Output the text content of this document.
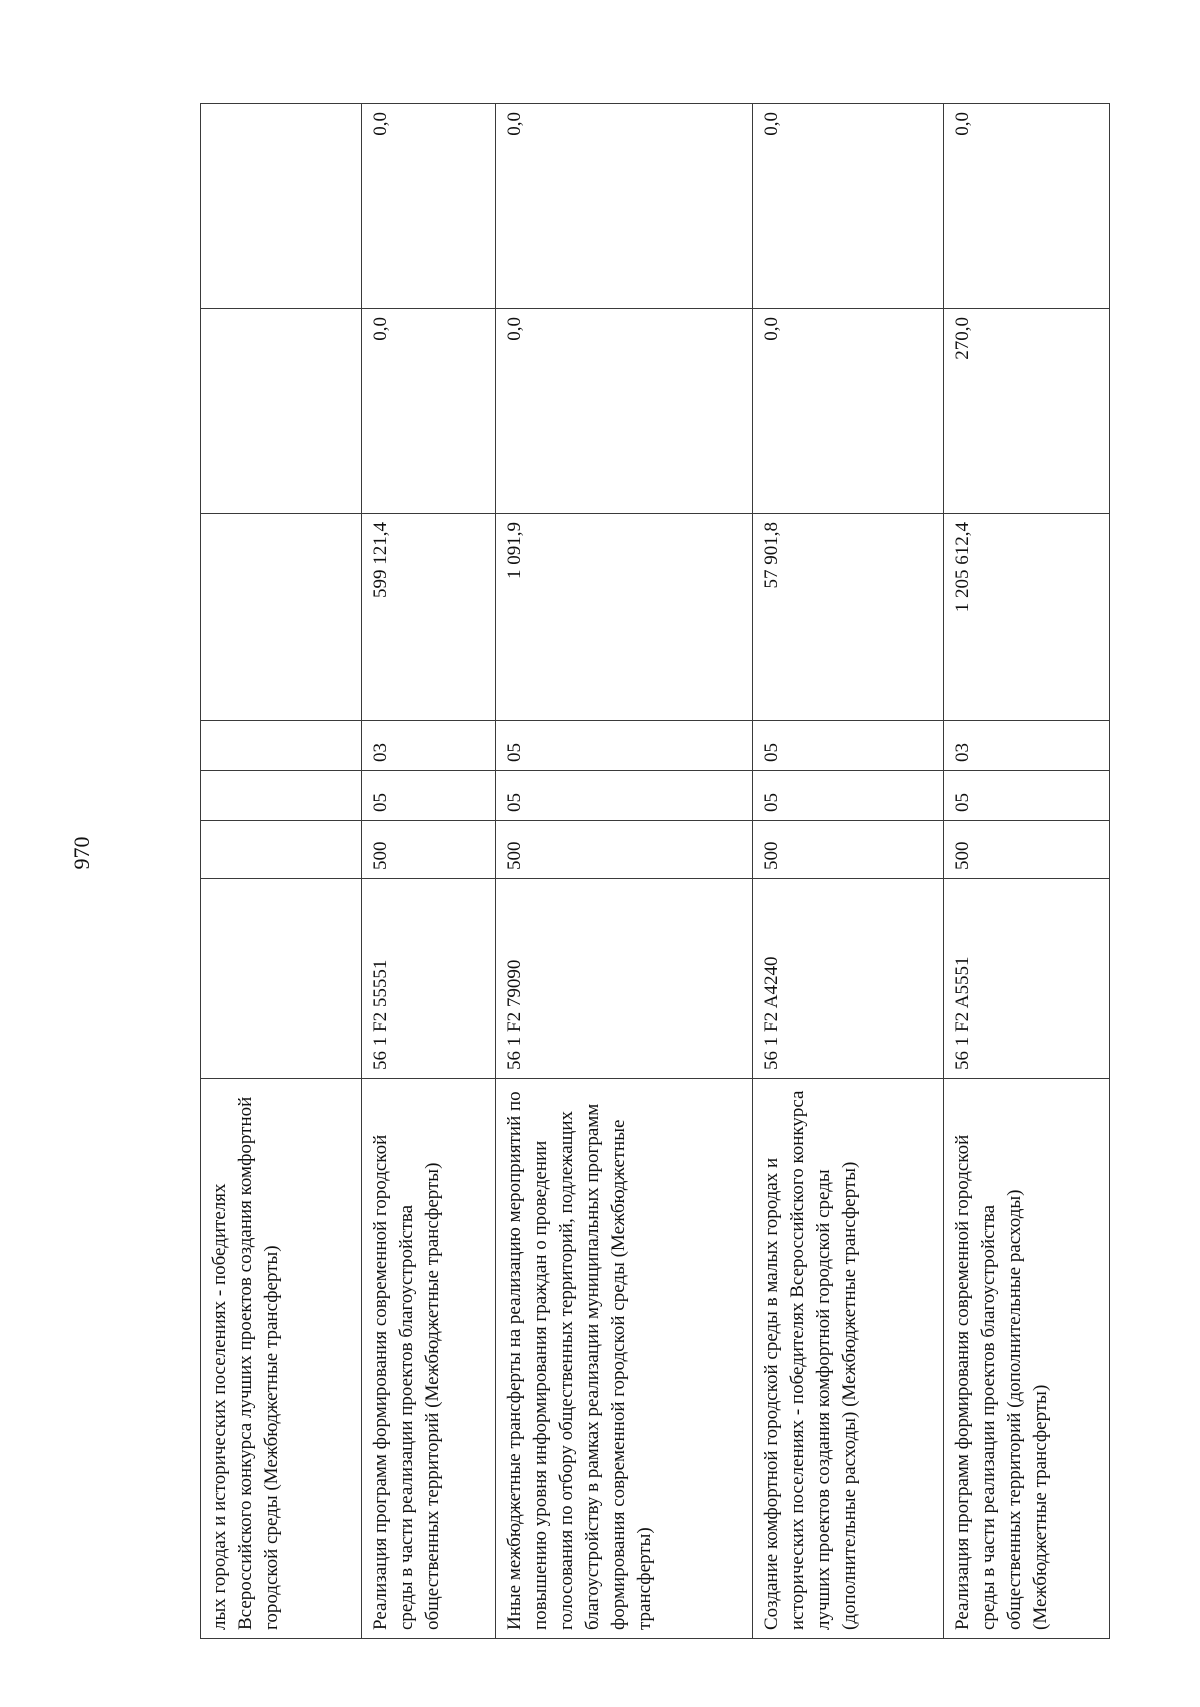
970
лых городах и исторических поселениях - победителях Всероссийского конкурса лучших проектов создания комфортной городской среды (Межбюджетные трансферты)							
Реализация программ формирования современной городской среды в части реализации проектов благоустройства общественных территорий (Межбюджетные трансферты)	56 1 F2 55551	500	05	03	599 121,4	0,0	0,0
Иные межбюджетные трансферты на реализацию мероприятий по повышению уровня информирования граждан о проведении голосования по отбору общественных территорий, подлежащих благоустройству в рамках реализации муниципальных программ формирования современной городской среды (Межбюджетные трансферты)	56 1 F2 79090	500	05	05	1 091,9	0,0	0,0
Создание комфортной городской среды в малых городах и исторических поселениях - победителях Всероссийского конкурса лучших проектов создания комфортной городской среды (дополнительные расходы) (Межбюджетные трансферты)	56 1 F2 A4240	500	05	05	57 901,8	0,0	0,0
Реализация программ формирования современной городской среды в части реализации проектов благоустройства общественных территорий (дополнительные расходы) (Межбюджетные трансферты)	56 1 F2 A5551	500	05	03	1 205 612,4	270,0	0,0
